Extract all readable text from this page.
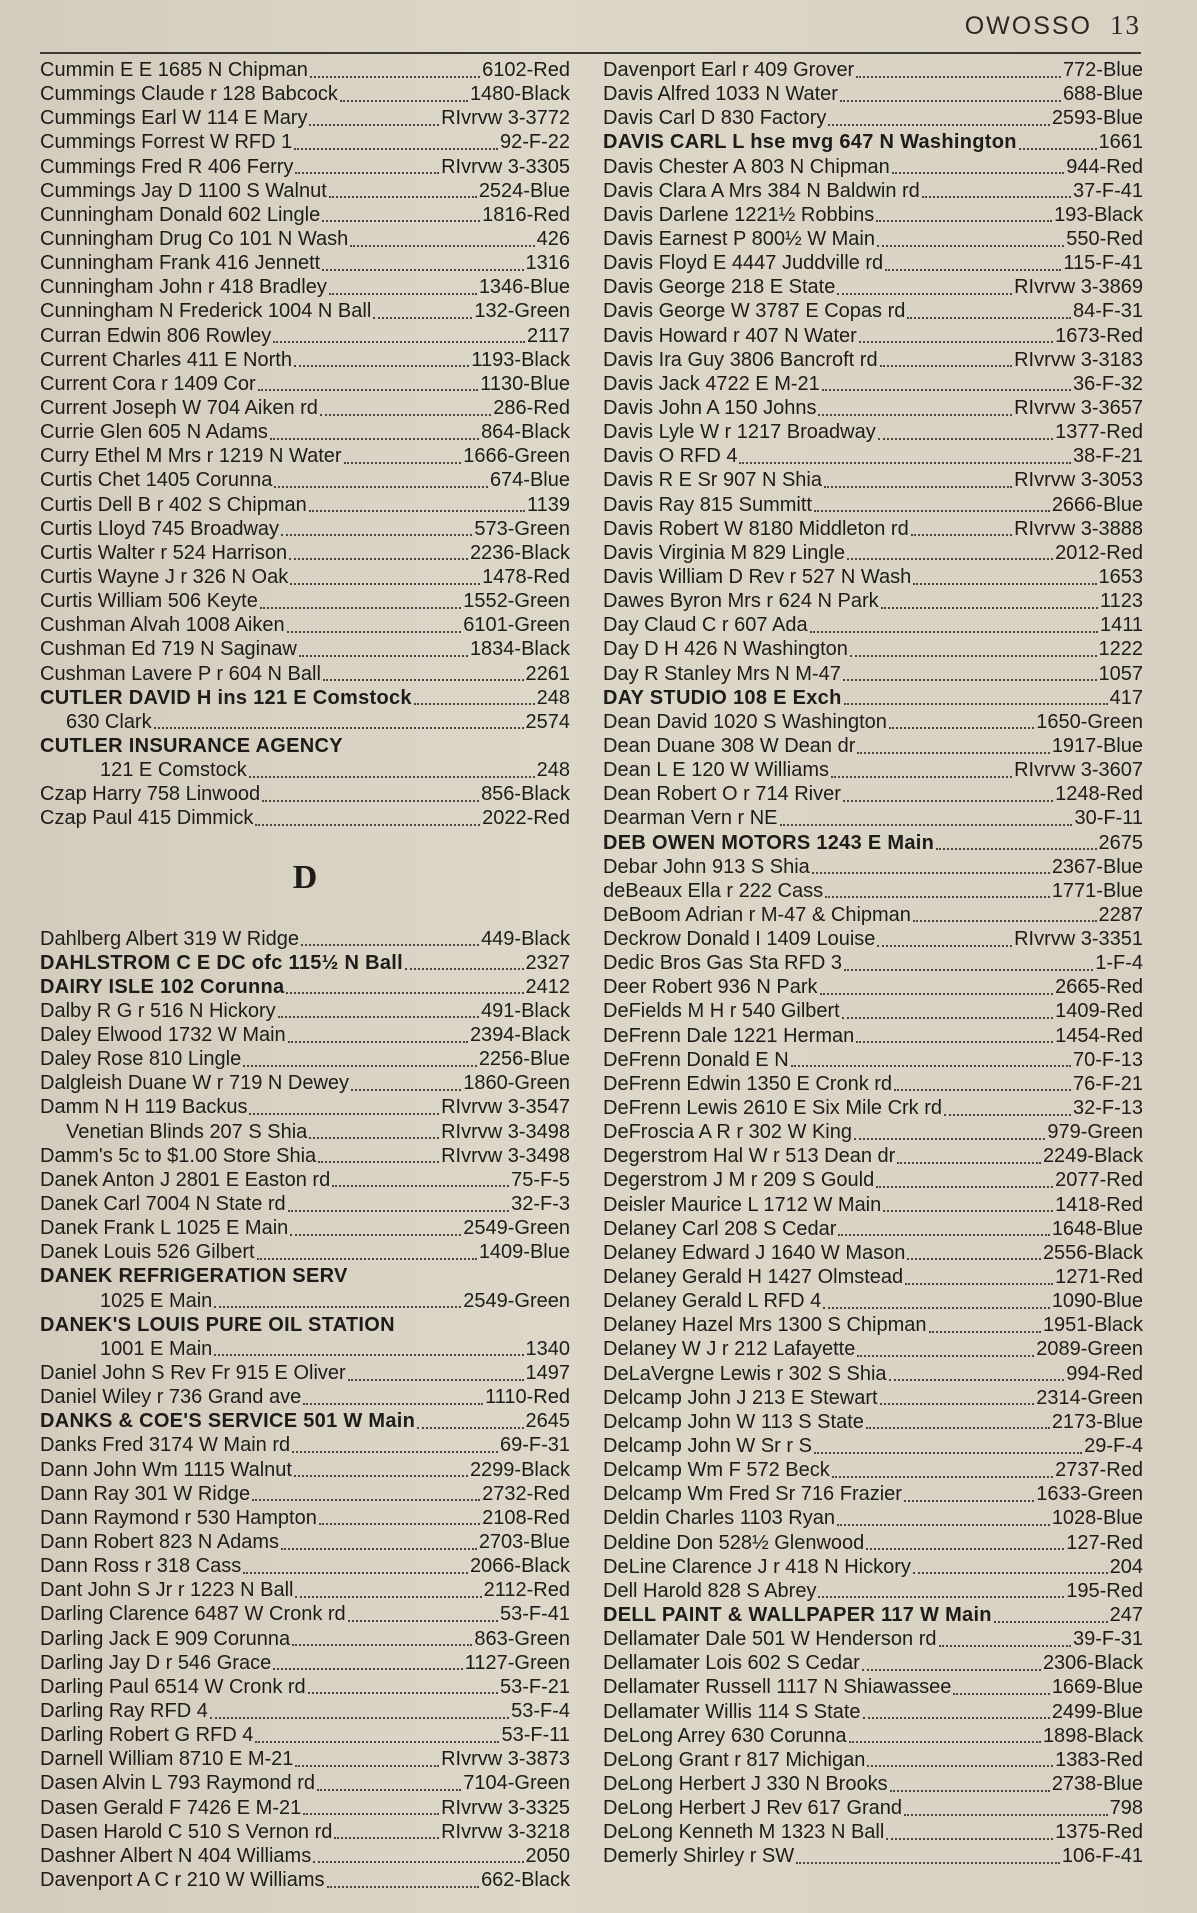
OWOSSO 13
Cummin E E 1685 N Chipman	6102-Red
Cummings Claude r 128 Babcock	1480-Black
Cummings Earl W 114 E Mary	RIvrvw 3-3772
Cummings Forrest W RFD 1	92-F-22
Cummings Fred R 406 Ferry	RIvrvw 3-3305
Cummings Jay D 1100 S Walnut	2524-Blue
Cunningham Donald 602 Lingle	1816-Red
Cunningham Drug Co 101 N Wash	426
Cunningham Frank 416 Jennett	1316
Cunningham John r 418 Bradley	1346-Blue
Cunningham N Frederick 1004 N Ball	132-Green
Curran Edwin 806 Rowley	2117
Current Charles 411 E North	1193-Black
Current Cora r 1409 Cor	1130-Blue
Current Joseph W 704 Aiken rd	286-Red
Currie Glen 605 N Adams	864-Black
Curry Ethel M Mrs r 1219 N Water	1666-Green
Curtis Chet 1405 Corunna	674-Blue
Curtis Dell B r 402 S Chipman	1139
Curtis Lloyd 745 Broadway	573-Green
Curtis Walter r 524 Harrison	2236-Black
Curtis Wayne J r 326 N Oak	1478-Red
Curtis William 506 Keyte	1552-Green
Cushman Alvah 1008 Aiken	6101-Green
Cushman Ed 719 N Saginaw	1834-Black
Cushman Lavere P r 604 N Ball	2261
CUTLER DAVID H ins 121 E Comstock	248
630 Clark	2574
CUTLER INSURANCE AGENCY
121 E Comstock	248
Czap Harry 758 Linwood	856-Black
Czap Paul 415 Dimmick	2022-Red
D
Dahlberg Albert 319 W Ridge	449-Black
DAHLSTROM C E DC ofc 115½ N Ball	2327
DAIRY ISLE 102 Corunna	2412
Dalby R G r 516 N Hickory	491-Black
Daley Elwood 1732 W Main	2394-Black
Daley Rose 810 Lingle	2256-Blue
Dalgleish Duane W r 719 N Dewey	1860-Green
Damm N H 119 Backus	RIvrvw 3-3547
Venetian Blinds 207 S Shia	RIvrvw 3-3498
Damm's 5c to $1.00 Store Shia	RIvrvw 3-3498
Danek Anton J 2801 E Easton rd	75-F-5
Danek Carl 7004 N State rd	32-F-3
Danek Frank L 1025 E Main	2549-Green
Danek Louis 526 Gilbert	1409-Blue
DANEK REFRIGERATION SERV
1025 E Main	2549-Green
DANEK'S LOUIS PURE OIL STATION
1001 E Main	1340
Daniel John S Rev Fr 915 E Oliver	1497
Daniel Wiley r 736 Grand ave	1110-Red
DANKS & COE'S SERVICE 501 W Main	2645
Danks Fred 3174 W Main rd	69-F-31
Dann John Wm 1115 Walnut	2299-Black
Dann Ray 301 W Ridge	2732-Red
Dann Raymond r 530 Hampton	2108-Red
Dann Robert 823 N Adams	2703-Blue
Dann Ross r 318 Cass	2066-Black
Dant John S Jr r 1223 N Ball	2112-Red
Darling Clarence 6487 W Cronk rd	53-F-41
Darling Jack E 909 Corunna	863-Green
Darling Jay D r 546 Grace	1127-Green
Darling Paul 6514 W Cronk rd	53-F-21
Darling Ray RFD 4	53-F-4
Darling Robert G RFD 4	53-F-11
Darnell William 8710 E M-21	RIvrvw 3-3873
Dasen Alvin L 793 Raymond rd	7104-Green
Dasen Gerald F 7426 E M-21	RIvrvw 3-3325
Dasen Harold C 510 S Vernon rd	RIvrvw 3-3218
Dashner Albert N 404 Williams	2050
Davenport A C r 210 W Williams	662-Black
Davenport Earl r 409 Grover	772-Blue
Davis Alfred 1033 N Water	688-Blue
Davis Carl D 830 Factory	2593-Blue
DAVIS CARL L hse mvg 647 N Washington	1661
Davis Chester A 803 N Chipman	944-Red
Davis Clara A Mrs 384 N Baldwin rd	37-F-41
Davis Darlene 1221½ Robbins	193-Black
Davis Earnest P 800½ W Main	550-Red
Davis Floyd E 4447 Juddville rd	115-F-41
Davis George 218 E State	RIvrvw 3-3869
Davis George W 3787 E Copas rd	84-F-31
Davis Howard r 407 N Water	1673-Red
Davis Ira Guy 3806 Bancroft rd	RIvrvw 3-3183
Davis Jack 4722 E M-21	36-F-32
Davis John A 150 Johns	RIvrvw 3-3657
Davis Lyle W r 1217 Broadway	1377-Red
Davis O RFD 4	38-F-21
Davis R E Sr 907 N Shia	RIvrvw 3-3053
Davis Ray 815 Summitt	2666-Blue
Davis Robert W 8180 Middleton rd	RIvrvw 3-3888
Davis Virginia M 829 Lingle	2012-Red
Davis William D Rev r 527 N Wash	1653
Dawes Byron Mrs r 624 N Park	1123
Day Claud C r 607 Ada	1411
Day D H 426 N Washington	1222
Day R Stanley Mrs N M-47	1057
DAY STUDIO 108 E Exch	417
Dean David 1020 S Washington	1650-Green
Dean Duane 308 W Dean dr	1917-Blue
Dean L E 120 W Williams	RIvrvw 3-3607
Dean Robert O r 714 River	1248-Red
Dearman Vern r NE	30-F-11
DEB OWEN MOTORS 1243 E Main	2675
Debar John 913 S Shia	2367-Blue
deBeaux Ella r 222 Cass	1771-Blue
DeBoom Adrian r M-47 & Chipman	2287
Deckrow Donald I 1409 Louise	RIvrvw 3-3351
Dedic Bros Gas Sta RFD 3	1-F-4
Deer Robert 936 N Park	2665-Red
DeFields M H r 540 Gilbert	1409-Red
DeFrenn Dale 1221 Herman	1454-Red
DeFrenn Donald E N	70-F-13
DeFrenn Edwin 1350 E Cronk rd	76-F-21
DeFrenn Lewis 2610 E Six Mile Crk rd	32-F-13
DeFroscia A R r 302 W King	979-Green
Degerstrom Hal W r 513 Dean dr	2249-Black
Degerstrom J M r 209 S Gould	2077-Red
Deisler Maurice L 1712 W Main	1418-Red
Delaney Carl 208 S Cedar	1648-Blue
Delaney Edward J 1640 W Mason	2556-Black
Delaney Gerald H 1427 Olmstead	1271-Red
Delaney Gerald L RFD 4	1090-Blue
Delaney Hazel Mrs 1300 S Chipman	1951-Black
Delaney W J r 212 Lafayette	2089-Green
DeLaVergne Lewis r 302 S Shia	994-Red
Delcamp John J 213 E Stewart	2314-Green
Delcamp John W 113 S State	2173-Blue
Delcamp John W Sr r S	29-F-4
Delcamp Wm F 572 Beck	2737-Red
Delcamp Wm Fred Sr 716 Frazier	1633-Green
Deldin Charles 1103 Ryan	1028-Blue
Deldine Don 528½ Glenwood	127-Red
DeLine Clarence J r 418 N Hickory	204
Dell Harold 828 S Abrey	195-Red
DELL PAINT & WALLPAPER 117 W Main	247
Dellamater Dale 501 W Henderson rd	39-F-31
Dellamater Lois 602 S Cedar	2306-Black
Dellamater Russell 1117 N Shiawassee	1669-Blue
Dellamater Willis 114 S State	2499-Blue
DeLong Arrey 630 Corunna	1898-Black
DeLong Grant r 817 Michigan	1383-Red
DeLong Herbert J 330 N Brooks	2738-Blue
DeLong Herbert J Rev 617 Grand	798
DeLong Kenneth M 1323 N Ball	1375-Red
Demerly Shirley r SW	106-F-41
